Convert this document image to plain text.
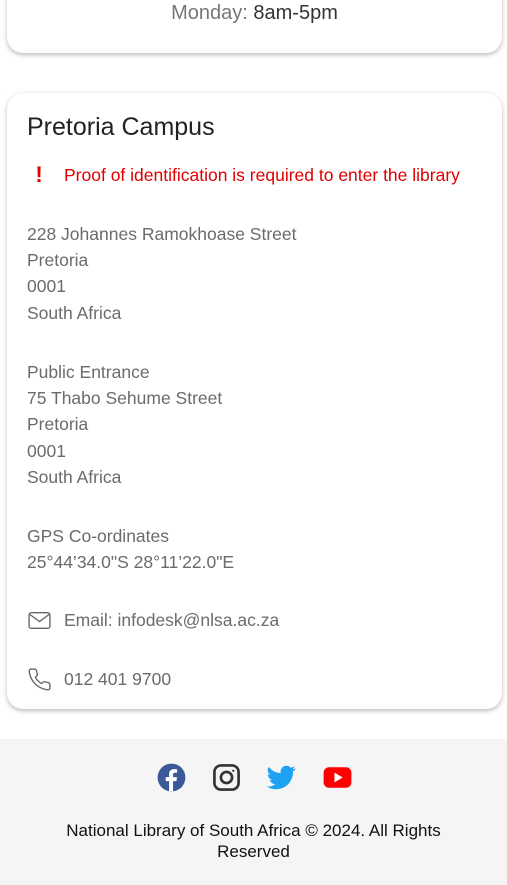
Monday: 8am-5pm
Pretoria Campus
!	Proof of identification is required to enter the library
228 Johannes Ramokhoase Street
Pretoria
0001
South Africa
Public Entrance
75 Thabo Sehume Street
Pretoria
0001
South Africa
GPS Co-ordinates
25°44’34.0"S 28°11’22.0"E
Email: infodesk@nlsa.ac.za
012 401 9700
National Library of South Africa © 2024. All Rights Reserved
